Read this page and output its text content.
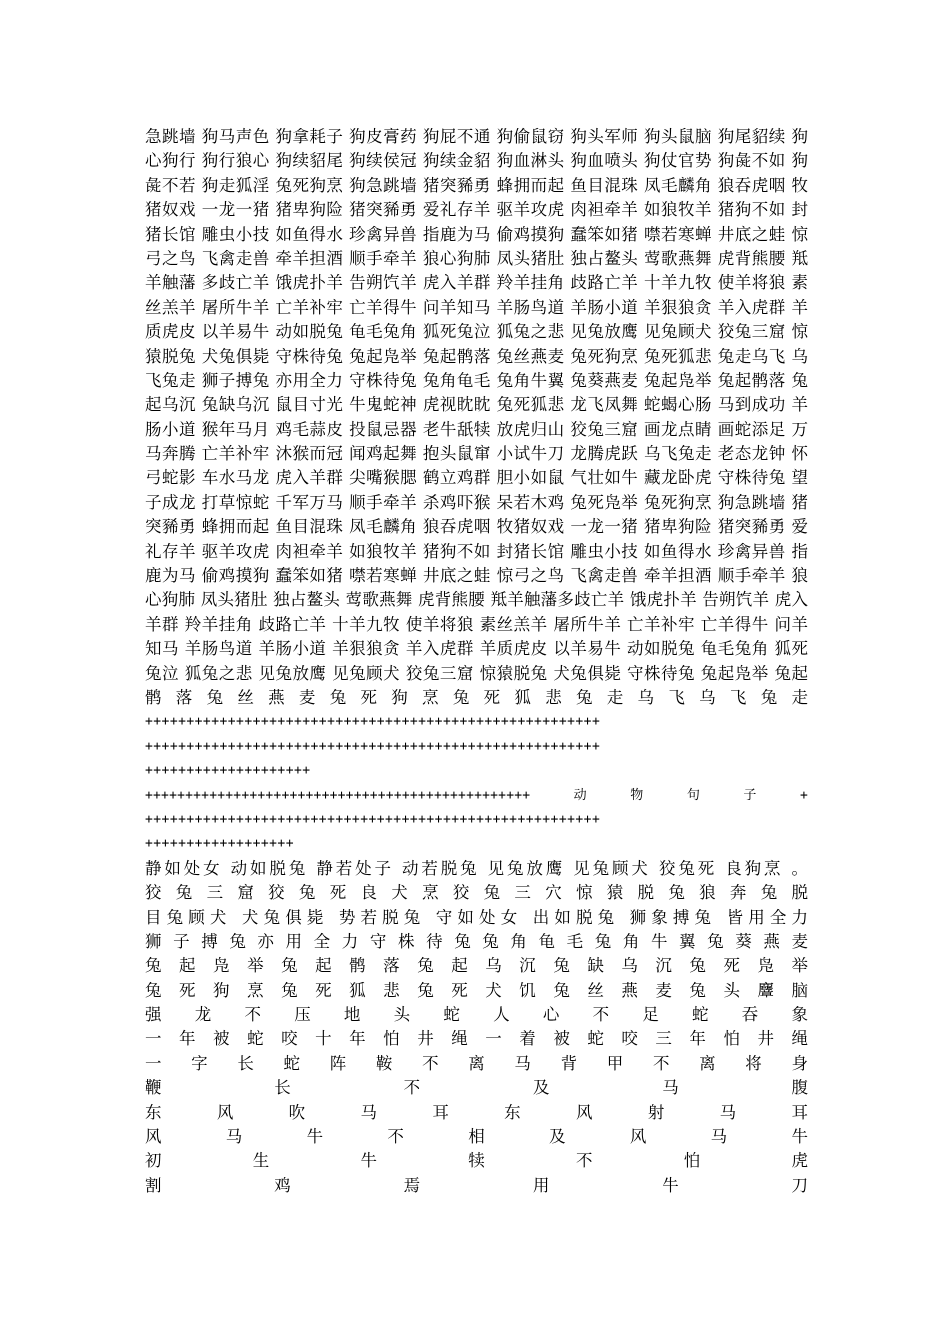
急跳墙 狗马声色 狗拿耗子 狗皮膏药 狗屁不通 狗偷鼠窃 狗头军师 狗头鼠脑 狗尾貂续 狗
心狗行 狗行狼心 狗续貂尾 狗续侯冠 狗续金貂 狗血淋头 狗血喷头 狗仗官势 狗彘不如 狗
彘不若 狗走狐淫 兔死狗烹 狗急跳墙 猪突豨勇 蜂拥而起 鱼目混珠 凤毛麟角 狼吞虎咽 牧
猪奴戏 一龙一猪 猪卑狗险 猪突豨勇 爱礼存羊 驱羊攻虎 肉袒牵羊 如狼牧羊 猪狗不如 封
猪长馆 雕虫小技 如鱼得水 珍禽异兽 指鹿为马 偷鸡摸狗 蠢笨如猪 噤若寒蝉 井底之蛙 惊
弓之鸟 飞禽走兽 牵羊担酒 顺手牵羊 狼心狗肺 凤头猪肚 独占鳌头 莺歌燕舞 虎背熊腰 羝
羊触藩 多歧亡羊 饿虎扑羊 告朔饩羊 虎入羊群 羚羊挂角 歧路亡羊 十羊九牧 使羊将狼 素
丝羔羊 屠所牛羊 亡羊补牢 亡羊得牛 问羊知马 羊肠鸟道 羊肠小道 羊狠狼贪 羊入虎群 羊
质虎皮 以羊易牛 动如脱兔 龟毛兔角 狐死兔泣 狐兔之悲 见兔放鹰 见兔顾犬 狡兔三窟 惊
猿脱兔 犬兔俱毙 守株待兔 兔起凫举 兔起鹘落 兔丝燕麦 兔死狗烹 兔死狐悲 兔走乌飞 乌
飞兔走 狮子搏兔 亦用全力 守株待兔 兔角龟毛 兔角牛翼 兔葵燕麦 兔起凫举 兔起鹘落 兔
起乌沉 兔缺乌沉 鼠目寸光 牛鬼蛇神 虎视眈眈 兔死狐悲 龙飞凤舞 蛇蝎心肠 马到成功 羊
肠小道 猴年马月 鸡毛蒜皮 投鼠忌器 老牛舐犊 放虎归山 狡兔三窟 画龙点睛 画蛇添足 万
马奔腾 亡羊补牢 沐猴而冠 闻鸡起舞 抱头鼠窜 小试牛刀 龙腾虎跃 乌飞兔走 老态龙钟 怀
弓蛇影 车水马龙 虎入羊群 尖嘴猴腮 鹤立鸡群 胆小如鼠 气壮如牛 藏龙卧虎 守株待兔 望
子成龙 打草惊蛇 千军万马 顺手牵羊 杀鸡吓猴 呆若木鸡 兔死凫举 兔死狗烹 狗急跳墙 猪
突豨勇 蜂拥而起 鱼目混珠 凤毛麟角 狼吞虎咽 牧猪奴戏 一龙一猪 猪卑狗险 猪突豨勇 爱
礼存羊 驱羊攻虎 肉袒牵羊 如狼牧羊 猪狗不如 封猪长馆 雕虫小技 如鱼得水 珍禽异兽 指
鹿为马 偷鸡摸狗 蠢笨如猪 噤若寒蝉 井底之蛙 惊弓之鸟 飞禽走兽 牵羊担酒 顺手牵羊 狼
心狗肺 凤头猪肚 独占鳌头 莺歌燕舞 虎背熊腰 羝羊触藩多歧亡羊 饿虎扑羊 告朔饩羊 虎入
羊群 羚羊挂角 歧路亡羊 十羊九牧 使羊将狼 素丝羔羊 屠所牛羊 亡羊补牢 亡羊得牛 问羊
知马 羊肠鸟道 羊肠小道 羊狠狼贪 羊入虎群 羊质虎皮 以羊易牛 动如脱兔 龟毛兔角 狐死
兔泣 狐兔之悲 见兔放鹰 见兔顾犬 狡兔三窟 惊猿脱兔 犬兔俱毙 守株待兔 兔起凫举 兔起
鹘 落 兔 丝 燕 麦 兔 死 狗 烹 兔 死 狐 悲 兔 走 乌 飞 乌 飞 兔 走
+++++++++++++++++++++++++++++++++++++++++++++++++++++++
+++++++++++++++++++++++++++++++++++++++++++++++++++++++
++++++++++++++++++++
++++++++++++++++++++++++++++++++++++++++++++++++动物句子+
+++++++++++++++++++++++++++++++++++++++++++++++++++++++
++++++++++++++++++
静如处女 动如脱兔 静若处子 动若脱兔 见兔放鹰 见兔顾犬 狡兔死 良狗烹 。
狡 兔 三 窟 狡 兔 死 良 犬 烹 狡 兔 三 穴 惊 猿 脱 兔 狼 奔 兔 脱
目兔顾犬 犬兔俱毙 势若脱兔 守如处女 出如脱兔 狮象搏兔 皆用全力
狮 子 搏 兔 亦 用 全 力 守 株 待 兔 兔 角 龟 毛 兔 角 牛 翼 兔 葵 燕 麦
兔 起 凫 举 兔 起 鹘 落 兔 起 乌 沉 兔 缺 乌 沉 兔 死 凫 举
兔 死 狗 烹 兔 死 狐 悲 兔 死 犬 饥 兔 丝 燕 麦 兔 头 麞 脑
强 龙 不 压 地 头 蛇 人 心 不 足 蛇 吞 象
一 年 被 蛇 咬 十 年 怕 井 绳 一 着 被 蛇 咬 三 年 怕 井 绳
一 字 长 蛇 阵 鞍 不 离 马 背 甲 不 离 将 身
鞭 长 不 及 马 腹
东 风 吹 马 耳 东 风 射 马 耳
风 马 牛 不 相 及 风 马 牛
初 生 牛 犊 不 怕 虎
割 鸡 焉 用 牛 刀
